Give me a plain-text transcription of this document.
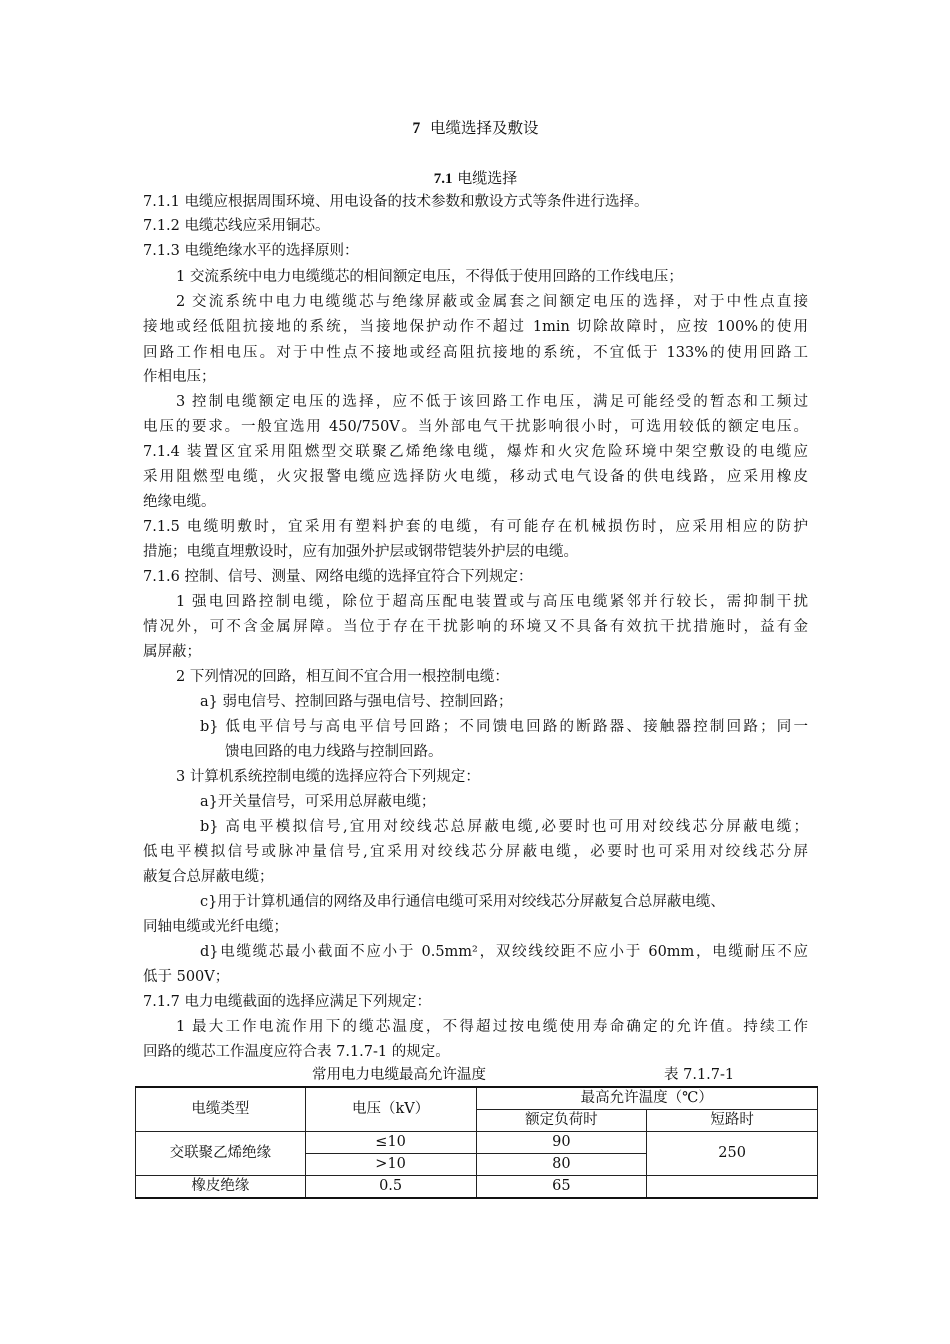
7 电缆选择及敷设
7.1 电缆选择
7.1.1 电缆应根据周围环境、用电设备的技术参数和敷设方式等条件进行选择。
7.1.2 电缆芯线应采用铜芯。
7.1.3 电缆绝缘水平的选择原则：
1 交流系统中电力电缆缆芯的相间额定电压，不得低于使用回路的工作线电压；
2 交流系统中电力电缆缆芯与绝缘屏蔽或金属套之间额定电压的选择，对于中性点直接
接地或经低阻抗接地的系统，当接地保护动作不超过 1min 切除故障时，应按 100%的使用
回路工作相电压。对于中性点不接地或经高阻抗接地的系统，不宜低于 133%的使用回路工
作相电压；
3 控制电缆额定电压的选择，应不低于该回路工作电压，满足可能经受的暂态和工频过
电压的要求。一般宜选用 450/750V。当外部电气干扰影响很小时，可选用较低的额定电压。
7.1.4 装置区宜采用阻燃型交联聚乙烯绝缘电缆，爆炸和火灾危险环境中架空敷设的电缆应
采用阻燃型电缆，火灾报警电缆应选择防火电缆，移动式电气设备的供电线路，应采用橡皮
绝缘电缆。
7.1.5 电缆明敷时，宜采用有塑料护套的电缆，有可能存在机械损伤时，应采用相应的防护
措施；电缆直埋敷设时，应有加强外护层或钢带铠装外护层的电缆。
7.1.6 控制、信号、测量、网络电缆的选择宜符合下列规定：
1 强电回路控制电缆，除位于超高压配电装置或与高压电缆紧邻并行较长，需抑制干扰
情况外，可不含金属屏障。当位于存在干扰影响的环境又不具备有效抗干扰措施时，益有金
属屏蔽；
2 下列情况的回路，相互间不宜合用一根控制电缆：
a} 弱电信号、控制回路与强电信号、控制回路；
b} 低电平信号与高电平信号回路；不同馈电回路的断路器、接触器控制回路；同一
馈电回路的电力线路与控制回路。
3 计算机系统控制电缆的选择应符合下列规定：
a}开关量信号，可采用总屏蔽电缆；
b} 高电平模拟信号,宜用对绞线芯总屏蔽电缆,必要时也可用对绞线芯分屏蔽电缆；
低电平模拟信号或脉冲量信号,宜采用对绞线芯分屏蔽电缆，必要时也可采用对绞线芯分屏
蔽复合总屏蔽电缆；
c}用于计算机通信的网络及串行通信电缆可采用对绞线芯分屏蔽复合总屏蔽电缆、
同轴电缆或光纤电缆；
d}电缆缆芯最小截面不应小于 0.5mm²，双绞线绞距不应小于 60mm，电缆耐压不应
低于 500V；
7.1.7 电力电缆截面的选择应满足下列规定：
1 最大工作电流作用下的缆芯温度，不得超过按电缆使用寿命确定的允许值。持续工作
回路的缆芯工作温度应符合表 7.1.7-1 的规定。
常用电力电缆最高允许温度	表 7.1.7-1
电缆类型	电压（kV）	最高允许温度（℃）	
		额定负荷时	短路时
交联聚乙烯绝缘	≤10	90	250
	>10	80	
橡皮绝缘	0.5	65	
